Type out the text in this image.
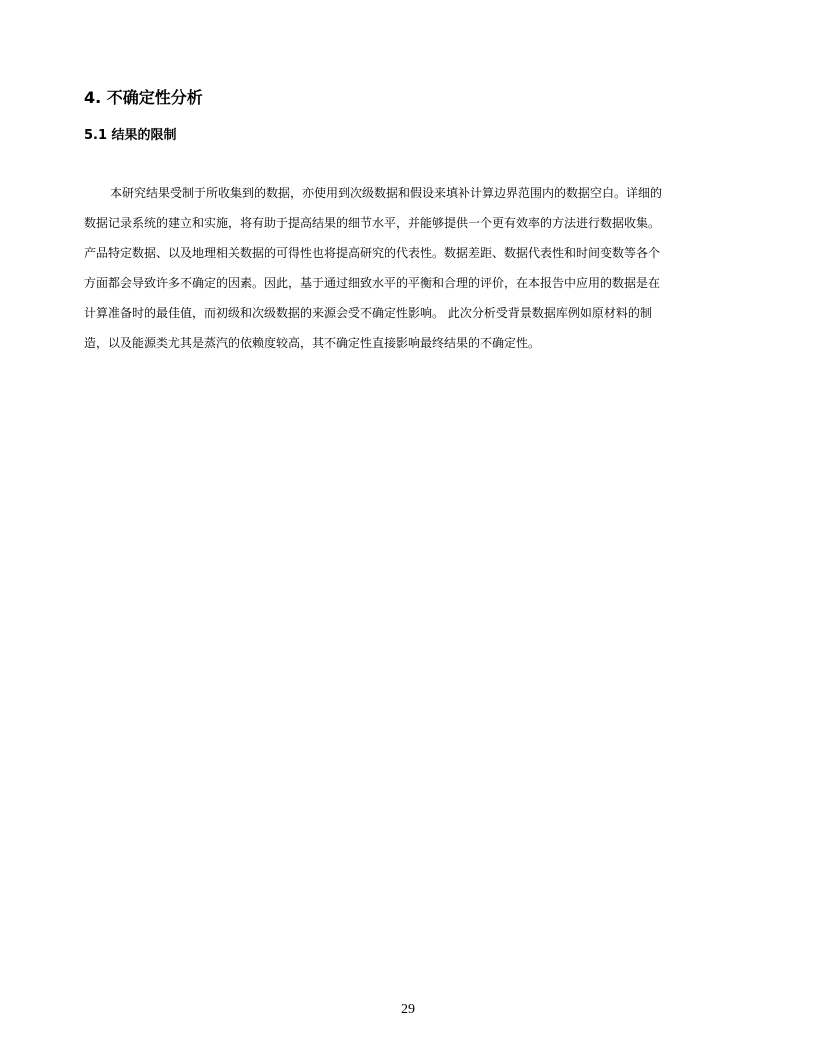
4. 不确定性分析
5.1 结果的限制
本研究结果受制于所收集到的数据，亦使用到次级数据和假设来填补计算边界范围内的数据空白。详细的
数据记录系统的建立和实施，将有助于提高结果的细节水平，并能够提供一个更有效率的方法进行数据收集。
产品特定数据、以及地理相关数据的可得性也将提高研究的代表性。数据差距、数据代表性和时间变数等各个
方面都会导致许多不确定的因素。因此，基于通过细致水平的平衡和合理的评价，在本报告中应用的数据是在
计算准备时的最佳值，而初级和次级数据的来源会受不确定性影响。 此次分析受背景数据库例如原材料的制
造，以及能源类尤其是蒸汽的依赖度较高，其不确定性直接影响最终结果的不确定性。
29
